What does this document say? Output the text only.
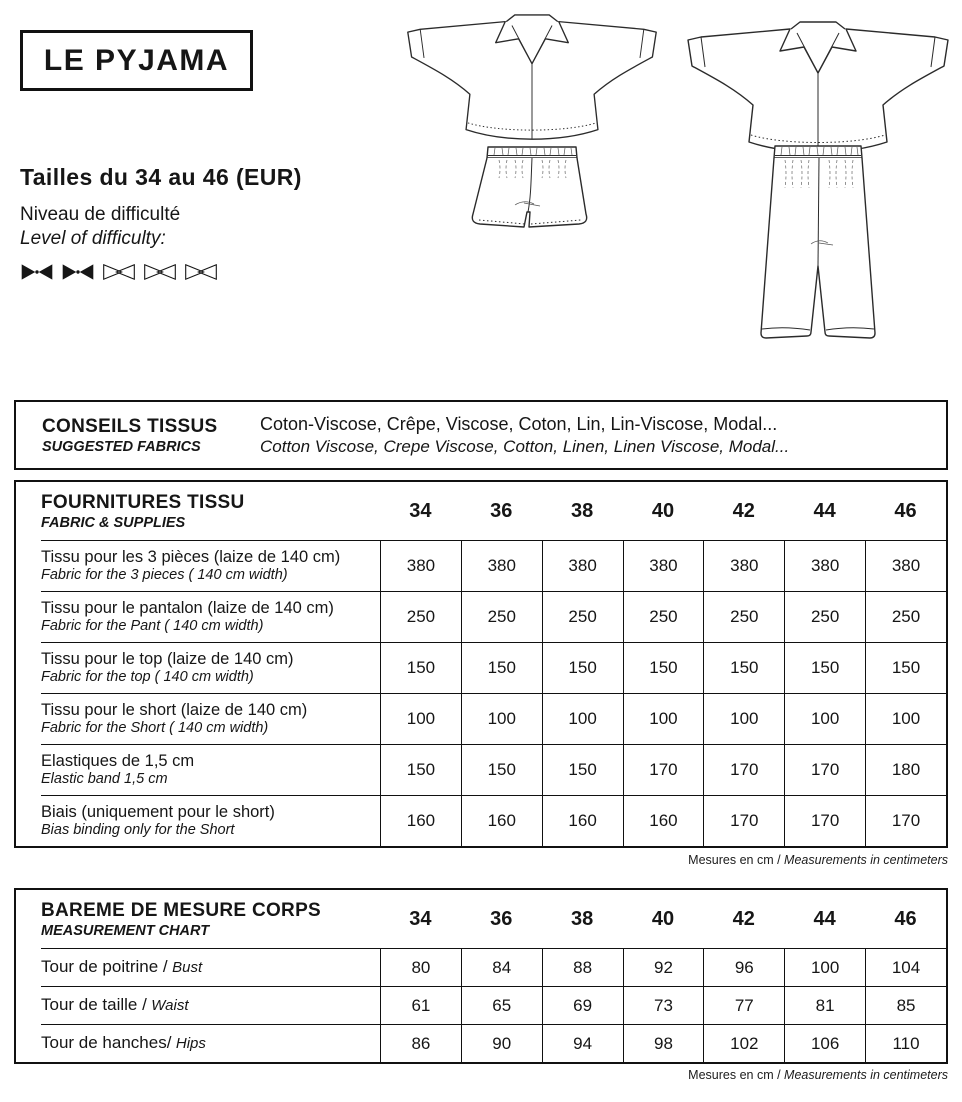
LE PYJAMA
Tailles du 34 au 46 (EUR)
Niveau de difficulté
Level of difficulty:
CONSEILS TISSUS
SUGGESTED FABRICS
Coton-Viscose, Crêpe, Viscose, Coton, Lin, Lin-Viscose, Modal...
Cotton Viscose, Crepe Viscose, Cotton, Linen, Linen Viscose, Modal...
FOURNITURES TISSU
FABRIC & SUPPLIES	34	36	38	40	42	44	46

Tissu pour les 3 pièces (laize de 140 cm)
Fabric for the 3 pieces ( 140 cm width)	380	380	380	380	380	380	380

Tissu pour le pantalon (laize de 140 cm)
Fabric for the Pant ( 140 cm width)	250	250	250	250	250	250	250

Tissu pour le top (laize de 140 cm)
Fabric for the top ( 140 cm width)	150	150	150	150	150	150	150

Tissu pour le short (laize de 140 cm)
Fabric for the Short ( 140 cm width)	100	100	100	100	100	100	100

Elastiques de 1,5 cm
Elastic band 1,5 cm	150	150	150	170	170	170	180

Biais (uniquement pour le short)
Bias binding only for the Short	160	160	160	160	170	170	170
Mesures en cm / Measurements in centimeters
BAREME DE MESURE CORPS
MEASUREMENT CHART	34	36	38	40	42	44	46
Tour de poitrine / Bust	80	84	88	92	96	100	104
Tour de taille / Waist	61	65	69	73	77	81	85
Tour de hanches/ Hips	86	90	94	98	102	106	110
Mesures en cm / Measurements in centimeters
